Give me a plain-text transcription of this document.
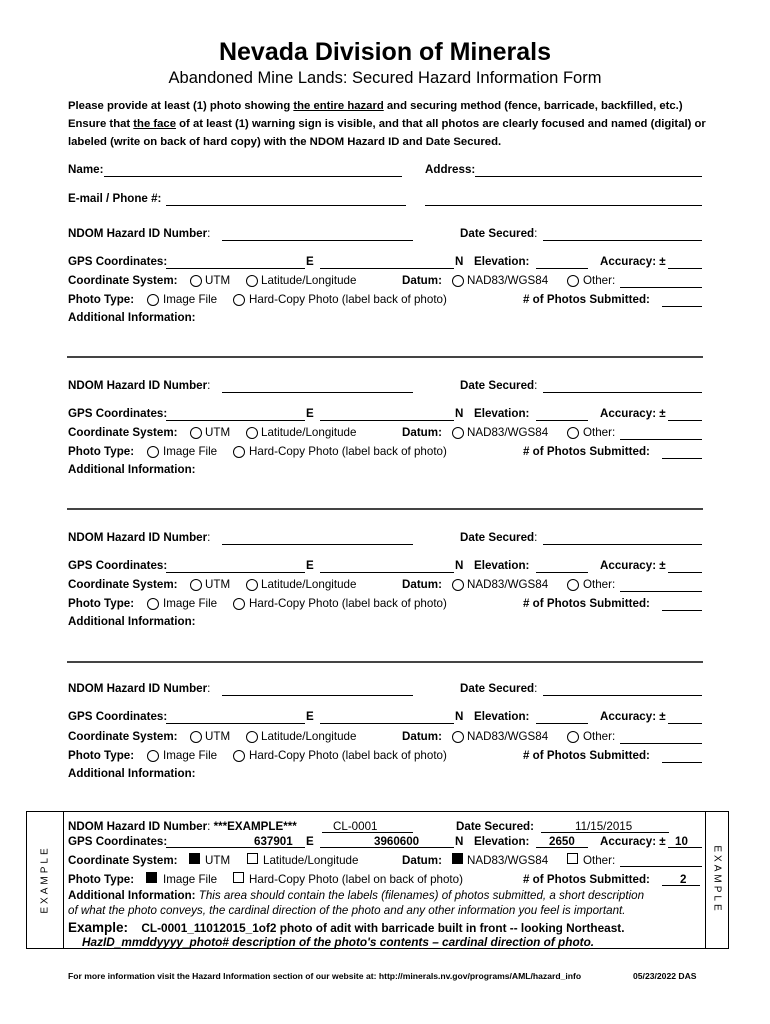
Nevada Division of Minerals
Abandoned Mine Lands: Secured Hazard Information Form
Please provide at least (1) photo showing the entire hazard and securing method (fence, barricade, backfilled, etc.) Ensure that the face of at least (1) warning sign is visible, and that all photos are clearly focused and named (digital) or labeled (write on back of hard copy) with the NDOM Hazard ID and Date Secured.
Name:	Address:
E-mail / Phone #:
NDOM Hazard ID Number:	Date Secured:
GPS Coordinates:	E	N Elevation:	Accuracy: ±
Coordinate System: UTM	Latitude/Longitude	Datum: NAD83/WGS84	Other:
Photo Type: Image File	Hard-Copy Photo (label back of photo)	# of Photos Submitted:
Additional Information:
NDOM Hazard ID Number:	Date Secured:
GPS Coordinates:	E	N Elevation:	Accuracy: ±
Coordinate System: UTM	Latitude/Longitude	Datum: NAD83/WGS84	Other:
Photo Type: Image File	Hard-Copy Photo (label back of photo)	# of Photos Submitted:
Additional Information:
NDOM Hazard ID Number:	Date Secured:
GPS Coordinates:	E	N Elevation:	Accuracy: ±
Coordinate System: UTM	Latitude/Longitude	Datum: NAD83/WGS84	Other:
Photo Type: Image File	Hard-Copy Photo (label back of photo)	# of Photos Submitted:
Additional Information:
NDOM Hazard ID Number:	Date Secured:
GPS Coordinates:	E	N Elevation:	Accuracy: ±
Coordinate System: UTM	Latitude/Longitude	Datum: NAD83/WGS84	Other:
Photo Type: Image File	Hard-Copy Photo (label back of photo)	# of Photos Submitted:
Additional Information:
EXAMPLE	EXAMPLE
NDOM Hazard ID Number: ***EXAMPLE***	CL-0001	Date Secured:	11/15/2015
GPS Coordinates:	637901 E	3960600	N Elevation: 2650 Accuracy: ± 10
Coordinate System: UTM	Latitude/Longitude	Datum: NAD83/WGS84	Other:
Photo Type: Image File	Hard-Copy Photo (label on back of photo)	# of Photos Submitted:	2
Additional Information: This area should contain the labels (filenames) of photos submitted, a short description
of what the photo conveys, the cardinal direction of the photo and any other information you feel is important.
Example: CL-0001_11012015_1of2 photo of adit with barricade built in front -- looking Northeast.
HazID_mmddyyyy_photo# description of the photo's contents – cardinal direction of photo.
For more information visit the Hazard Information section of our website at: http://minerals.nv.gov/programs/AML/hazard_info	05/23/2022 DAS
